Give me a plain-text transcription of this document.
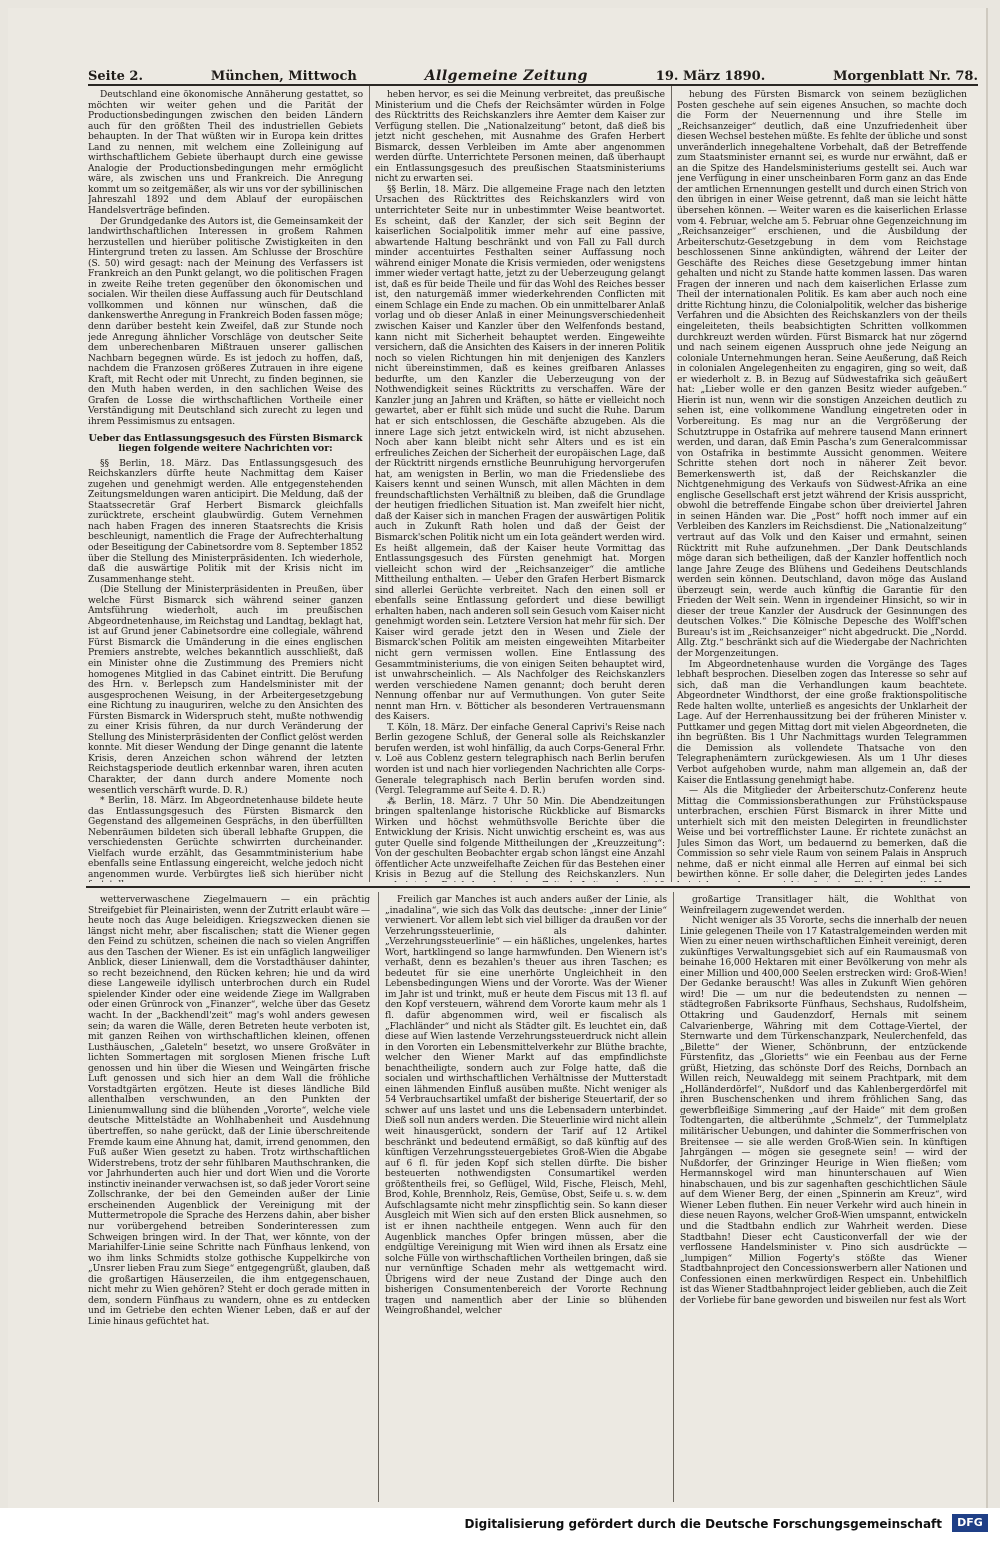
Seite 2.	München, Mittwoch	Allgemeine Zeitung	19. März 1890.	Morgenblatt Nr. 78.

Deutschland eine ökonomische Annäherung gestattet, so möchten wir weiter gehen und die Parität der Productionsbedingungen zwischen den beiden Ländern auch für den größten Theil des industriellen Gebiets behaupten. In der That wüßten wir in Europa kein drittes Land zu nennen, mit welchem eine Zolleinigung auf wirthschaftlichem Gebiete überhaupt durch eine gewisse Analogie der Productionsbedingungen mehr ermöglicht wäre, als zwischen uns und Frankreich. Die Anregung kommt um so zeitgemäßer, als wir uns vor der sybillinischen Jahreszahl 1892 und dem Ablauf der europäischen Handelsverträge befinden.

Der Grundgedanke des Autors ist, die Gemeinsamkeit der landwirthschaftlichen Interessen in großem Rahmen herzustellen und hierüber politische Zwistigkeiten in den Hintergrund treten zu lassen. Am Schlusse der Broschüre (S. 50) wird gesagt: nach der Meinung des Verfassers ist Frankreich an den Punkt gelangt, wo die politischen Fragen in zweite Reihe treten gegenüber den ökonomischen und socialen. Wir theilen diese Auffassung auch für Deutschland vollkommen und können nur wünschen, daß die dankenswerthe Anregung in Frankreich Boden fassen möge; denn darüber besteht kein Zweifel, daß zur Stunde noch jede Anregung ähnlicher Vorschläge von deutscher Seite dem unberechenbaren Mißtrauen unserer gallischen Nachbarn begegnen würde. Es ist jedoch zu hoffen, daß, nachdem die Franzosen größeres Zutrauen in ihre eigene Kraft, mit Recht oder mit Unrecht, zu finden beginnen, sie den Muth haben werden, in den sachlichen Weise des Grafen de Losse die wirthschaftlichen Vortheile einer Verständigung mit Deutschland sich zurecht zu legen und ihrem Pessimismus zu entsagen.

Ueber das Entlassungsgesuch des Fürsten Bismarck liegen folgende weitere Nachrichten vor:

§§ Berlin, 18. März. Das Entlassungsgesuch des Reichskanzlers dürfte heute Nachmittag dem Kaiser zugehen und genehmigt werden. Alle entgegenstehenden Zeitungsmeldungen waren anticipirt. Die Meldung, daß der Staatssecretär Graf Herbert Bismarck gleichfalls zurücktrete, erscheint glaubwürdig. Gutem Vernehmen nach haben Fragen des inneren Staatsrechts die Krisis beschleunigt, namentlich die Frage der Aufrechterhaltung oder Beseitigung der Cabinetsordre vom 8. September 1852 über die Stellung des Ministerpräsidenten. Ich wiederhole, daß die auswärtige Politik mit der Krisis nicht im Zusammenhange steht.

(Die Stellung der Ministerpräsidenten in Preußen, über welche Fürst Bismarck sich während seiner ganzen Amtsführung wiederholt, auch im preußischen Abgeordnetenhause, im Reichstag und Landtag, beklagt hat, ist auf Grund jener Cabinetsordre eine collegiale, während Fürst Bismarck die Umänderung in die eines englischen Premiers anstrebte, welches bekanntlich ausschließt, daß ein Minister ohne die Zustimmung des Premiers nicht homogenes Mitglied in das Cabinet eintritt. Die Berufung des Hrn. v. Berlepsch zum Handelsminister mit der ausgesprochenen Weisung, in der Arbeitergesetzgebung eine Richtung zu inauguriren, welche zu den Ansichten des Fürsten Bismarck in Widerspruch steht, mußte nothwendig zu einer Krisis führen, da nur durch Veränderung der Stellung des Ministerpräsidenten der Conflict gelöst werden konnte. Mit dieser Wendung der Dinge genannt die latente Krisis, deren Anzeichen schon während der letzten Reichstagsperiode deutlich erkennbar waren, ihren acuten Charakter, der dann durch andere Momente noch wesentlich verschärft wurde. D. R.)

* Berlin, 18. März. Im Abgeordnetenhause bildete heute das Entlassungsgesuch des Fürsten Bismarck den Gegenstand des allgemeinen Gesprächs, in den überfüllten Nebenräumen bildeten sich überall lebhafte Gruppen, die verschiedensten Gerüchte schwirrten durcheinander. Vielfach wurde erzählt, das Gesammtministerium habe ebenfalls seine Entlassung eingereicht, welche jedoch nicht angenommen wurde. Verbürgtes ließ sich hierüber nicht

heben hervor, es sei die Meinung verbreitet, das preußische Ministerium und die Chefs der Reichsämter würden in Folge des Rücktritts des Reichskanzlers ihre Aemter dem Kaiser zur Verfügung stellen. Die „Nationalzeitung“ betont, daß dieß bis jetzt nicht geschehen, mit Ausnahme des Grafen Herbert Bismarck, dessen Verbleiben im Amte aber angenommen werden dürfte. Unterrichtete Personen meinen, daß überhaupt ein Entlassungsgesuch des preußischen Staatsministeriums nicht zu erwarten sei.

§§ Berlin, 18. März. Die allgemeine Frage nach den letzten Ursachen des Rücktrittes des Reichskanzlers wird von unterrichteter Seite nur in unbestimmter Weise beantwortet. Es scheint, daß der Kanzler, der sich seit Beginn der kaiserlichen Socialpolitik immer mehr auf eine passive, abwartende Haltung beschränkt und von Fall zu Fall durch minder accentuirtes Festhalten seiner Auffassung noch während einiger Monate die Krisis vermieden, oder wenigstens immer wieder vertagt hatte, jetzt zu der Ueberzeugung gelangt ist, daß es für beide Theile und für das Wohl des Reiches besser ist, den naturgemäß immer wiederkehrenden Conflicten mit einem Schlage ein Ende zu machen. Ob ein unmittelbarer Anlaß vorlag und ob dieser Anlaß in einer Meinungsverschiedenheit zwischen Kaiser und Kanzler über den Welfenfonds bestand, kann nicht mit Sicherheit behauptet werden. Eingeweihte versichern, daß die Ansichten des Kaisers in der inneren Politik noch so vielen Richtungen hin mit denjenigen des Kanzlers nicht übereinstimmen, daß es keines greifbaren Anlasses bedurfte, um den Kanzler die Ueberzeugung von der Nothwendigkeit seines Rücktritts zu verschaffen. Wäre der Kanzler jung an Jahren und Kräften, so hätte er vielleicht noch gewartet, aber er fühlt sich müde und sucht die Ruhe. Darum hat er sich entschlossen, die Geschäfte abzugeben. Als die innere Lage sich jetzt entwickeln wird, ist nicht abzusehen. Noch aber kann bleibt nicht sehr Alters und es ist ein erfreuliches Zeichen der Sicherheit der europäischen Lage, daß der Rücktritt nirgends ernstliche Beunruhigung hervorgerufen hat, am wenigsten in Berlin, wo man die Friedensliebe des Kaisers kennt und seinen Wunsch, mit allen Mächten in dem freundschaftlichsten Verhältniß zu bleiben, daß die Grundlage der heutigen friedlichen Situation ist. Man zweifelt hier nicht, daß der Kaiser sich in manchen Fragen der auswärtigen Politik auch in Zukunft Rath holen und daß der Geist der Bismarck'schen Politik nicht um ein Iota geändert werden wird. Es heißt allgemein, daß der Kaiser heute Vormittag das Entlassungsgesuch des Fürsten genehmigt hat. Morgen vielleicht schon wird der „Reichsanzeiger“ die amtliche Mittheilung enthalten. — Ueber den Grafen Herbert Bismarck sind allerlei Gerüchte verbreitet. Nach den einen soll er ebenfalls seine Entlassung gefordert und diese bewilligt erhalten haben, nach anderen soll sein Gesuch vom Kaiser nicht genehmigt worden sein. Letztere Version hat mehr für sich. Der Kaiser wird gerade jetzt den in Wesen und Ziele der Bismarck'schen Politik am meisten eingeweihten Mitarbeiter nicht gern vermissen wollen. Eine Entlassung des Gesammtministeriums, die von einigen Seiten behauptet wird, ist unwahrscheinlich. — Als Nachfolger des Reichskanzlers werden verschiedene Namen genannt; doch beruht deren Nennung offenbar nur auf Vermuthungen. Von guter Seite nennt man Hrn. v. Bötticher als besonderen Vertrauensmann des Kaisers.

T. Köln, 18. März. Der einfache General Caprivi's Reise nach Berlin gezogene Schluß, der General solle als Reichskanzler berufen werden, ist wohl hinfällig, da auch Corps-General Frhr. v. Loë aus Coblenz gestern telegraphisch nach Berlin berufen worden ist und nach hier vorliegenden Nachrichten alle Corps-Generale telegraphisch nach Berlin berufen worden sind. (Vergl. Telegramme auf Seite 4. D. R.)

⁂ Berlin, 18. März. 7 Uhr 50 Min. Die Abendzeitungen bringen spaltenlange historische Rückblicke auf Bismarcks Wirken und höchst wehmüthsvolle Berichte über die Entwicklung der Krisis. Nicht unwichtig erscheint es, was aus guter Quelle sind folgende Mittheilungen der „Kreuzzeitung“: Von der geschulten Beobachter ergab schon längst eine Anzahl öffentlicher Acte unzweifelhafte Zeichen für das Bestehen einer Krisis in Bezug auf die Stellung des Reichskanzlers. Nun

hebung des Fürsten Bismarck von seinem bezüglichen Posten geschehe auf sein eigenes Ansuchen, so machte doch die Form der Neuernennung und ihre Stelle im „Reichsanzeiger“ deutlich, daß eine Unzufriedenheit über diesen Wechsel bestehen müßte. Es fehlte der übliche und sonst unveränderlich innegehaltene Vorbehalt, daß der Betreffende zum Staatsminister ernannt sei, es wurde nur erwähnt, daß er an die Spitze des Handelsministeriums gestellt sei. Auch war jene Verfügung in einer unscheinbaren Form ganz an das Ende der amtlichen Ernennungen gestellt und durch einen Strich von den übrigen in einer Weise getrennt, daß man sie leicht hätte übersehen können. — Weiter waren es die kaiserlichen Erlasse vom 4. Februar, welche am 5. Februar ohne Gegenzeichnung im „Reichsanzeiger“ erschienen, und die Ausbildung der Arbeiterschutz-Gesetzgebung in dem vom Reichstage beschlossenen Sinne ankündigten, während der Leiter der Geschäfte des Reiches diese Gesetzgebung immer hintan gehalten und nicht zu Stande hatte kommen lassen. Das waren Fragen der inneren und nach dem kaiserlichen Erlasse zum Theil der internationalen Politik. Es kam aber auch noch eine dritte Richtung hinzu, die Colonialpolitik, welcher das bisherige Verfahren und die Absichten des Reichskanzlers von der theils eingeleiteten, theils beabsichtigten Schritten vollkommen durchkreuzt werden würden. Fürst Bismarck hat nur zögernd und nach seinem eigenen Ausspruch ohne jede Neigung an coloniale Unternehmungen heran. Seine Aeußerung, daß Reich in colonialen Angelegenheiten zu engagiren, ging so weit, daß er wiederholt z. B. in Bezug auf Südwestafrika sich geäußert hat: „Lieber wolle er den ganzen Besitz wieder aufgeben.“ Hierin ist nun, wenn wir die sonstigen Anzeichen deutlich zu sehen ist, eine vollkommene Wandlung eingetreten oder in Vorbereitung. Es mag nur an die Vergrößerung der Schutztruppe in Ostafrika auf mehrere tausend Mann erinnert werden, und daran, daß Emin Pascha's zum Generalcommissar von Ostafrika in bestimmte Aussicht genommen. Weitere Schritte stehen dort noch in näherer Zeit bevor. Bemerkenswerth ist, daß der Reichskanzler die Nichtgenehmigung des Verkaufs von Südwest-Afrika an eine englische Gesellschaft erst jetzt während der Krisis ausspricht, obwohl die betreffende Eingabe schon über dreiviertel Jahren in seinen Händen war. Die „Post“ hofft noch immer auf ein Verbleiben des Kanzlers im Reichsdienst. Die „Nationalzeitung“ vertraut auf das Volk und den Kaiser und ermahnt, seinen Rücktritt mit Ruhe aufzunehmen. „Der Dank Deutschlands möge daran sich betheiligen, daß der Kanzler hoffentlich noch lange Jahre Zeuge des Blühens und Gedeihens Deutschlands werden sein können. Deutschland, davon möge das Ausland überzeugt sein, werde auch künftig die Garantie für den Frieden der Welt sein. Wenn in irgendeiner Hinsicht, so wir in dieser der treue Kanzler der Ausdruck der Gesinnungen des deutschen Volkes.“ Die Kölnische Depesche des Wolff'schen Bureau's ist im „Reichsanzeiger“ nicht abgedruckt. Die „Nordd. Allg. Ztg.“ beschränkt sich auf die Wiedergabe der Nachrichten der Morgenzeitungen.

Im Abgeordnetenhause wurden die Vorgänge des Tages lebhaft besprochen. Dieselben zogen das Interesse so sehr auf sich, daß man die Verhandlungen kaum beachtete. Abgeordneter Windthorst, der eine große fraktionspolitische Rede halten wollte, unterließ es angesichts der Unklarheit der Lage. Auf der Herrenhaussitzung bei der früheren Minister v. Puttkamer und gegen Mittag dort mit vielen Abgeordneten, die ihn begrüßten. Bis 1 Uhr Nachmittags wurden Telegrammen die Demission als vollendete Thatsache von den Telegraphenämtern zurückgewiesen. Als um 1 Uhr dieses Verbot aufgehoben wurde, nahm man allgemein an, daß der Kaiser die Entlassung genehmigt habe.

— Als die Mitglieder der Arbeiterschutz-Conferenz heute Mittag die Commissionsberathungen zur Frühstückspause unterbrachen, erschien Fürst Bismarck in ihrer Mitte und unterhielt sich mit den meisten Delegirten in freundlichster Weise und bei vortrefflichster Laune. Er richtete zunächst an Jules Simon das Wort, um bedauernd zu bemerken, daß die Commission so sehr viele Raum von seinem Palais in Anspruch nehme, daß er nicht einmal alle Herren auf einmal bei sich bewirthen könne. Er solle daher, die Delegirten jedes Landes

wetterverwaschene Ziegelmauern — ein prächtig Streifgebiet für Pleinairisten, wenn der Zutritt erlaubt wäre — heute noch das Auge beleidigen. Kriegszwecken dienen sie längst nicht mehr, aber fiscalischen; statt die Wiener gegen den Feind zu schützen, scheinen die nach so vielen Angriffen aus den Taschen der Wiener. Es ist ein unfäglich langweiliger Anblick, dieser Linienwall, dem die Vorstadthäuser dahinter, so recht bezeichnend, den Rücken kehren; hie und da wird diese Langeweile idyllisch unterbrochen durch ein Rudel spielender Kinder oder eine weidende Ziege im Wallgraben oder einen Grünrock von „Finanzer“, welche über das Gesetz wacht. In der „Backhendl'zeit“ mag's wohl anders gewesen sein; da waren die Wälle, deren Betreten heute verboten ist, mit ganzen Reihen von wirthschaftlichen kleinen, offenen Lusthäuschen, „Galeteln“ besetzt, wo unsere Großväter in lichten Sommertagen mit sorglosen Mienen frische Luft genossen und hin über die Wiesen und Weingärten frische Luft genossen und sich hier an dem Wall die fröhliche Vorstadtgärten ergötzen. Heute ist dieses ländliche Bild allenthalben verschwunden, an den Punkten der Linienumwallung sind die blühenden „Vororte“, welche viele deutsche Mittelstädte an Wohlhabenheit und Ausdehnung übertreffen, so nahe gerückt, daß der Linie überschreitende Fremde kaum eine Ahnung hat, damit, irrend genommen, den Fuß außer Wien gesetzt zu haben. Trotz wirthschaftlichen Widerstrebens, trotz der sehr fühlbaren Mauthschranken, die vor Jahrhunderten auch hier und dort Wien und die Vororte instinctiv ineinander verwachsen ist, so daß jeder Vorort seine Zollschranke, der bei den Gemeinden außer der Linie erscheinenden Augenblick der Vereinigung mit der Muttermetropole die Sprache des Herzens dahin, aber bisher nur vorübergehend betreiben Sonderinteressen zum Schweigen bringen wird. In der That, wer könnte, von der Mariahilfer-Linie seine Schritte nach Fünfhaus lenkend, von wo ihm links Schmidts stolze gothische Kuppelkirche von „Unsrer lieben Frau zum Siege“ entgegengrüßt, glauben, daß die großartigen Häuserzeilen, die ihm entgegenschauen, nicht mehr zu Wien gehören? Steht er doch gerade mitten in dem, sondern Fünfhaus zu wandern, ohne es zu entdecken und im Getriebe den echten Wiener Leben, daß er auf der Linie hinaus gefüchtet hat.

Freilich gar Manches ist auch anders außer der Linie, als „inadalina“, wie sich das Volk das deutsche: „inner der Linie“ verwienert. Vor allem lebt sich viel billiger da draußen vor der Verzehrungssteuerlinie, als dahinter. „Verzehrungssteuerlinie“ — ein häßliches, ungelenkes, hartes Wort, hartklingend so lange harmwfunden. Den Wienern ist's verhaßt, denn es bezahlen's theuer aus ihren Taschen; es bedeutet für sie eine unerhörte Ungleichheit in den Lebensbedingungen Wiens und der Vororte. Was der Wiener im Jahr ist und trinkt, muß er heute dem Fiscus mit 13 fl. auf den Kopf versteuern, während dem Vororte kaum mehr als 1 fl. dafür abgenommen wird, weil er fiscalisch als „Flachländer“ und nicht als Städter gilt. Es leuchtet ein, daß diese auf Wien lastende Verzehrungssteuerdruck nicht allein in den Vororten ein Lebensmittelverkehr zur Blüthe brachte, welcher den Wiener Markt auf das empfindlichste benachtheiligte, sondern auch zur Folge hatte, daß die socialen und wirthschaftlichen Verhältnisse der Mutterstadt einen lähmenden Einfluß ausüben mußte. Nicht weniger als 54 Verbrauchsartikel umfaßt der bisherige Steuertarif, der so schwer auf uns lastet und uns die Lebensadern unterbindet. Dieß soll nun anders werden. Die Steuerlinie wird nicht allein weit hinausgerückt, sondern der Tarif auf 12 Artikel beschränkt und bedeutend ermäßigt, so daß künftig auf des künftigen Verzehrungssteuergebietes Groß-Wien die Abgabe auf 6 fl. für jeden Kopf sich stellen dürfte. Die bisher besteuerten nothwendigsten Consumartikel werden größtentheils frei, so Geflügel, Wild, Fische, Fleisch, Mehl, Brod, Kohle, Brennholz, Reis, Gemüse, Obst, Seife u. s. w. dem Aufschlagsamte nicht mehr zinspflichtig sein. So kann dieser Ausgleich mit Wien sich auf den ersten Blick ausnehmen, so ist er ihnen nachtheile entgegen. Wenn auch für den Augenblick manches Opfer bringen müssen, aber die endgültige Vereinigung mit Wien wird ihnen als Ersatz eine solche Fülle von wirthschaftlichen Vortheilen bringen, daß sie nur vernünftige Schaden mehr als wettgemacht wird. Übrigens wird der neue Zustand der Dinge auch den bisherigen Consumentenbereich der Vororte Rechnung tragen und namentlich aber der Linie so blühenden Weingroßhandel, welcher

großartige Transitlager hält, die Wohlthat von Weinfreilagern zugewendet werden.

Nicht weniger als 35 Vororte, sechs die innerhalb der neuen Linie gelegenen Theile von 17 Katastralgemeinden werden mit Wien zu einer neuen wirthschaftlichen Einheit vereinigt, deren zukünftiges Verwaltungsgebiet sich auf ein Raumausmaß von beinahe 16,000 Hektaren mit einer Bevölkerung von mehr als einer Million und 400,000 Seelen erstrecken wird: Groß-Wien! Der Gedanke berauscht! Was alles in Zukunft Wien gehören wird! Die — um nur die bedeutendsten zu nennen — städtegroßen Fabriksorte Fünfhaus, Sechshaus, Rudolfsheim, Ottakring und Gaudenzdorf, Hernals mit seinem Calvarienberge, Währing mit dem Cottage-Viertel, der Sternwarte und dem Türkenschanzpark, Neulerchenfeld, das „Bilette“ der Wiener, Schönbrunn, der entzückende Fürstenfitz, das „Glorietts“ wie ein Feenbau aus der Ferne grüßt, Hietzing, das schönste Dorf des Reichs, Dornbach an Willen reich, Neuwaldegg mit seinem Prachtpark, mit dem „Holländerdörfel“, Nußdorf und das Kahlenbergerdörfel mit ihren Buschenschenken und ihrem fröhlichen Sang, das gewerbfleißige Simmering „auf der Haide“ mit dem großen Todtengarten, die altberühmte „Schmelz“, der Tummelplatz militärischer Uebungen, und dahinter die Sommerfrischen von Breitensee — sie alle werden Groß-Wien sein. In künftigen Jahrgängen — mögen sie gesegnete sein! — wird der Nußdorfer, der Grinzinger Heurige in Wien fließen; vom Hermannskogel wird man hinunterschauen auf Wien hinabschauen, und bis zur sagenhaften geschichtlichen Säule auf dem Wiener Berg, der einen „Spinnerin am Kreuz“, wird Wiener Leben fluthen. Ein neuer Verkehr wird auch hinein in diese neuen Rayons, welcher Groß-Wien umspannt, entwickeln und die Stadtbahn endlich zur Wahrheit werden. Diese Stadtbahn! Dieser echt Causticonverfall der wie der verflossene Handelsminister v. Pino sich ausdrückte — „lumpigen“ Million Fogerty's stößte das Wiener Stadtbahnproject den Concessionswerbern aller Nationen und Confessionen einen merkwürdigen Respect ein. Unbehilflich ist das Wiener Stadtbahnproject leider geblieben, auch die Zeit der Vorliebe für bane geworden und bisweilen nur fest als Wort

Digitalisierung gefördert durch die Deutsche Forschungsgemeinschaft	DFG
